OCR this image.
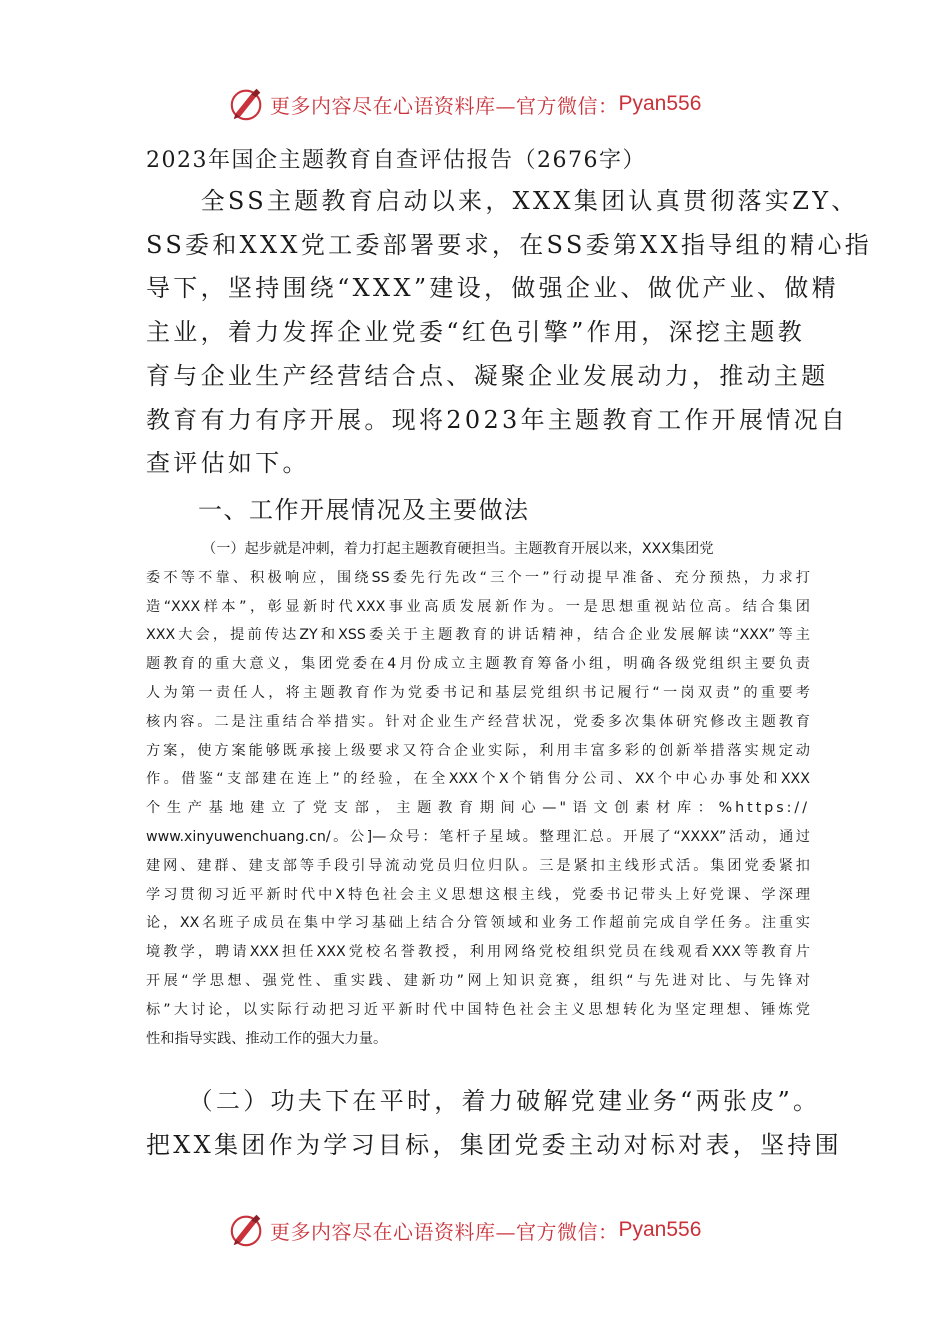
更多内容尽在心语资料库—官方微信： Pyan556
2023年国企主题教育自查评估报告（2676字）
　　全SS主题教育启动以来，XXX集团认真贯彻落实ZY、
SS委和XXX党工委部署要求，在SS委第XX指导组的精心指
导下，坚持围绕“XXX”建设，做强企业、做优产业、做精
主业，着力发挥企业党委“红色引擎”作用，深挖主题教
育与企业生产经营结合点、凝聚企业发展动力，推动主题
教育有力有序开展。现将2023年主题教育工作开展情况自
查评估如下。
一、工作开展情况及主要做法
（一）起步就是冲刺，着力打起主题教育硬担当。主题教育开展以来，XXX集团党
委不等不靠、积极响应，围绕SS委先行先改“三个一”行动提早准备、充分预热，力求打
造“XXX样本”，彰显新时代XXX事业高质发展新作为。一是思想重视站位高。结合集团
XXX大会，提前传达ZY和XSS委关于主题教育的讲话精神，结合企业发展解读“XXX”等主
题教育的重大意义，集团党委在4月份成立主题教育筹备小组，明确各级党组织主要负责
人为第一责任人，将主题教育作为党委书记和基层党组织书记履行“一岗双责”的重要考
核内容。二是注重结合举措实。针对企业生产经营状况，党委多次集体研究修改主题教育
方案，使方案能够既承接上级要求又符合企业实际，利用丰富多彩的创新举措落实规定动
作。借鉴“支部建在连上”的经验，在全XXX个X个销售分公司、XX个中心办事处和XXX
个生产基地建立了党支部，主题教育期间心—"语文创素材库：%https://
www.xinyuwenchuang.cn/。公]—众号：笔杆子星域。整理汇总。开展了“XXXX”活动，通过
建网、建群、建支部等手段引导流动党员归位归队。三是紧扣主线形式活。集团党委紧扣
学习贯彻习近平新时代中X特色社会主义思想这根主线，党委书记带头上好党课、学深理
论，XX名班子成员在集中学习基础上结合分管领域和业务工作超前完成自学任务。注重实
境教学，聘请XXX担任XXX党校名誉教授，利用网络党校组织党员在线观看XXX等教育片
开展“学思想、强党性、重实践、建新功”网上知识竞赛，组织“与先进对比、与先锋对
标”大讨论，以实际行动把习近平新时代中国特色社会主义思想转化为坚定理想、锤炼党
性和指导实践、推动工作的强大力量。
　　（二）功夫下在平时，着力破解党建业务“两张皮”。
把XX集团作为学习目标，集团党委主动对标对表，坚持围
更多内容尽在心语资料库—官方微信： Pyan556
